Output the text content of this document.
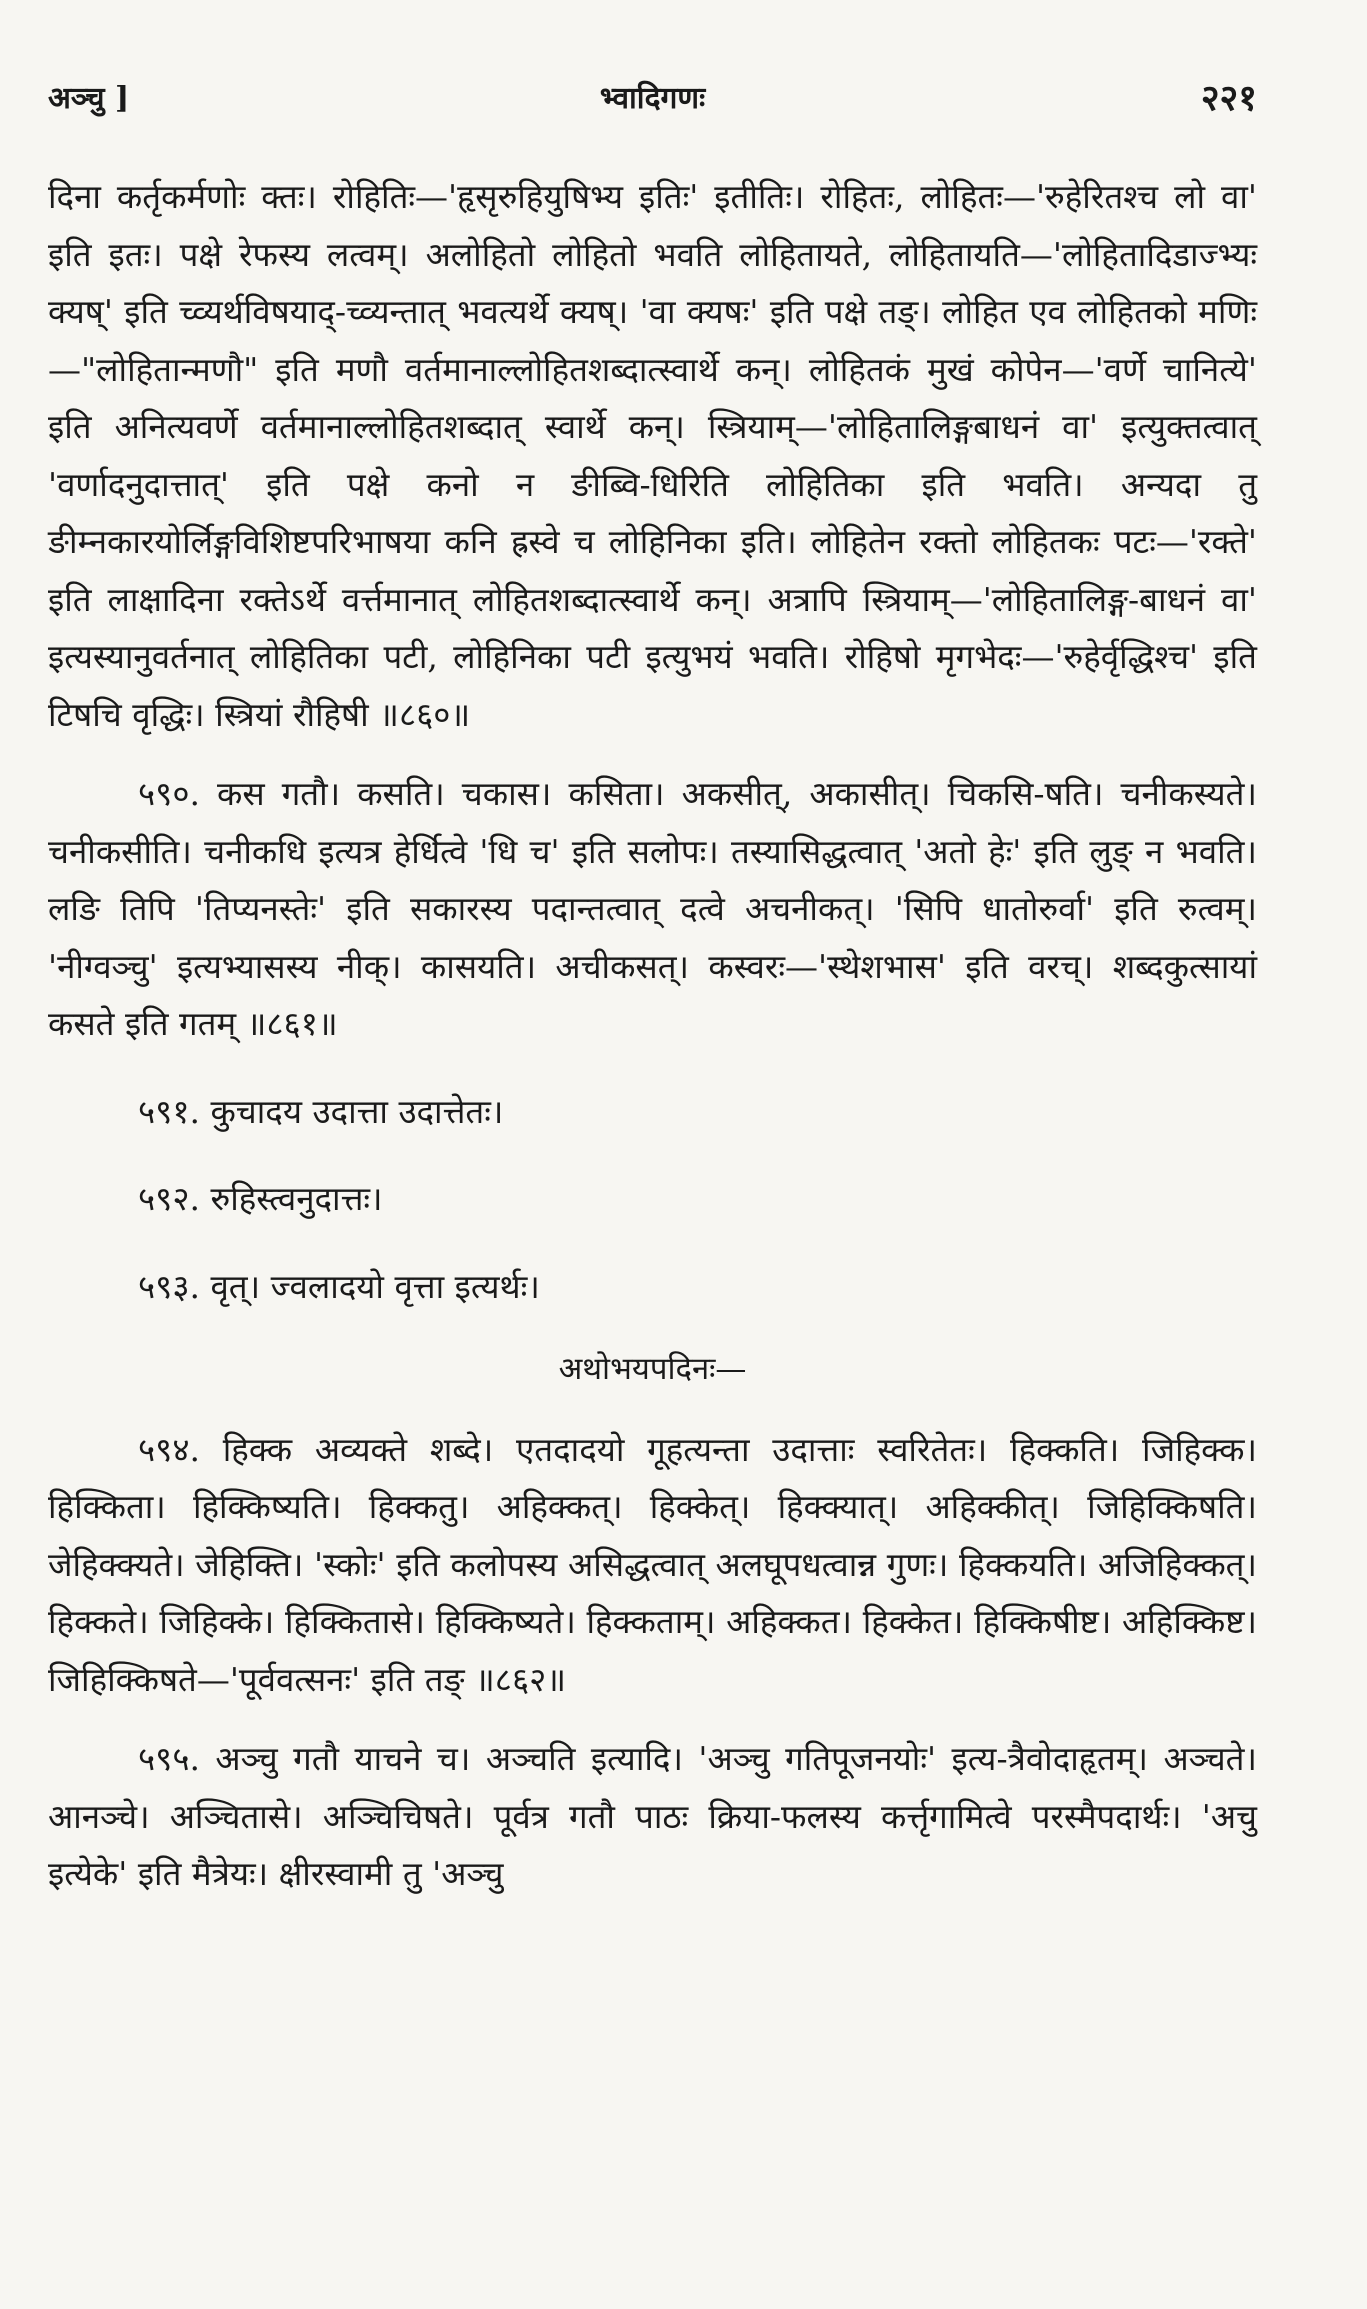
अञ्चु ]	भ्वादिगणः	२२१

दिना कर्तृकर्मणोः क्तः। रोहितिः—'हृसृरुहियुषिभ्य इतिः' इतीतिः। रोहितः, लोहितः—'रुहेरितश्च लो वा' इति इतः। पक्षे रेफस्य लत्वम्। अलोहितो लोहितो भवति लोहितायते, लोहितायति—'लोहितादिडाज्भ्यः क्यष्' इति च्व्यर्थविषयाद्-च्व्यन्तात् भवत्यर्थे क्यष्। 'वा क्यषः' इति पक्षे तङ्। लोहित एव लोहितको मणिः—"लोहितान्मणौ" इति मणौ वर्तमानाल्लोहितशब्दात्स्वार्थे कन्। लोहितकं मुखं कोपेन—'वर्णे चानित्ये' इति अनित्यवर्णे वर्तमानाल्लोहितशब्दात् स्वार्थे कन्। स्त्रियाम्—'लोहितालिङ्गबाधनं वा' इत्युक्तत्वात् 'वर्णादनुदात्तात्' इति पक्षे कनो न ङीब्वि-धिरिति लोहितिका इति भवति। अन्यदा तु ङीम्नकारयोर्लिङ्गविशिष्टपरिभाषया कनि ह्रस्वे च लोहिनिका इति। लोहितेन रक्तो लोहितकः पटः—'रक्ते' इति लाक्षादिना रक्तेऽर्थे वर्त्तमानात् लोहितशब्दात्स्वार्थे कन्। अत्रापि स्त्रियाम्—'लोहितालिङ्ग-बाधनं वा' इत्यस्यानुवर्तनात् लोहितिका पटी, लोहिनिका पटी इत्युभयं भवति। रोहिषो मृगभेदः—'रुहेर्वृद्धिश्च' इति टिषचि वृद्धिः। स्त्रियां रौहिषी ॥८६०॥

५९०. कस गतौ। कसति। चकास। कसिता। अकसीत्, अकासीत्। चिकसि-षति। चनीकस्यते। चनीकसीति। चनीकधि इत्यत्र हेर्धित्वे 'धि च' इति सलोपः। तस्यासिद्धत्वात् 'अतो हेः' इति लुङ् न भवति। लङि तिपि 'तिप्यनस्तेः' इति सकारस्य पदान्तत्वात् दत्वे अचनीकत्। 'सिपि धातोरुर्वा' इति रुत्वम्। 'नीग्वञ्चु' इत्यभ्यासस्य नीक्। कासयति। अचीकसत्। कस्वरः—'स्थेशभास' इति वरच्। शब्दकुत्सायां कसते इति गतम् ॥८६१॥

५९१. कुचादय उदात्ता उदात्तेतः।

५९२. रुहिस्त्वनुदात्तः।

५९३. वृत्। ज्वलादयो वृत्ता इत्यर्थः।

अथोभयपदिनः—

५९४. हिक्क अव्यक्ते शब्दे। एतदादयो गूहत्यन्ता उदात्ताः स्वरितेतः। हिक्कति। जिहिक्क। हिक्किता। हिक्किष्यति। हिक्कतु। अहिक्कत्। हिक्केत्। हिक्क्यात्। अहिक्कीत्। जिहिक्किषति। जेहिक्क्यते। जेहिक्ति। 'स्कोः' इति कलोपस्य असिद्धत्वात् अलघूपधत्वान्न गुणः। हिक्कयति। अजिहिक्कत्। हिक्कते। जिहिक्के। हिक्कितासे। हिक्किष्यते। हिक्कताम्। अहिक्कत। हिक्केत। हिक्किषीष्ट। अहिक्किष्ट। जिहिक्किषते—'पूर्ववत्सनः' इति तङ् ॥८६२॥

५९५. अञ्चु गतौ याचने च। अञ्चति इत्यादि। 'अञ्चु गतिपूजनयोः' इत्य-त्रैवोदाहृतम्। अञ्चते। आनञ्चे। अञ्चितासे। अञ्चिचिषते। पूर्वत्र गतौ पाठः क्रिया-फलस्य कर्त्तृगामित्वे परस्मैपदार्थः। 'अचु इत्येके' इति मैत्रेयः। क्षीरस्वामी तु 'अञ्चु
